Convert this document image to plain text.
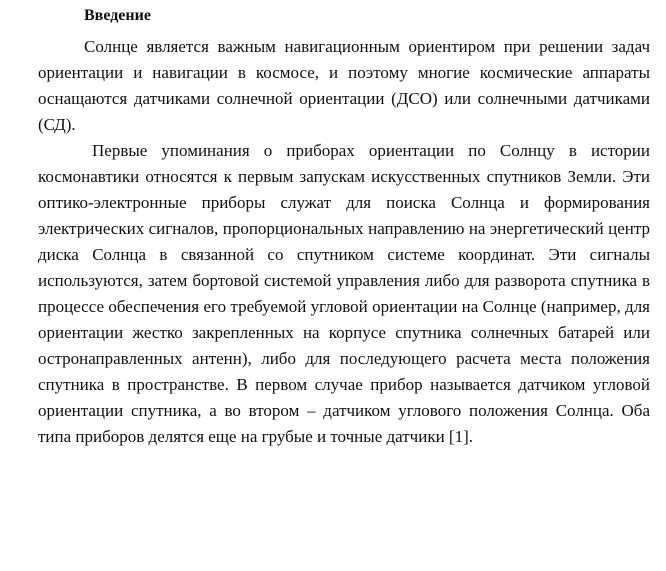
Введение

Солнце является важным навигационным ориентиром при решении задач ориентации и навигации в космосе, и поэтому многие космические аппараты оснащаются датчиками солнечной ориентации (ДСО) или солнечными датчиками (СД).

Первые упоминания о приборах ориентации по Солнцу в истории космонавтики относятся к первым запускам искусственных спутников Земли. Эти оптико-электронные приборы служат для поиска Солнца и формирования электрических сигналов, пропорциональных направлению на энергетический центр диска Солнца в связанной со спутником системе координат. Эти сигналы используются, затем бортовой системой управления либо для разворота спутника в процессе обеспечения его требуемой угловой ориентации на Солнце (например, для ориентации жестко закрепленных на корпусе спутника солнечных батарей или остронаправленных антенн), либо для последующего расчета места положения спутника в пространстве. В первом случае прибор называется датчиком угловой ориентации спутника, а во втором – датчиком углового положения Солнца. Оба типа приборов делятся еще на грубые и точные датчики [1].
